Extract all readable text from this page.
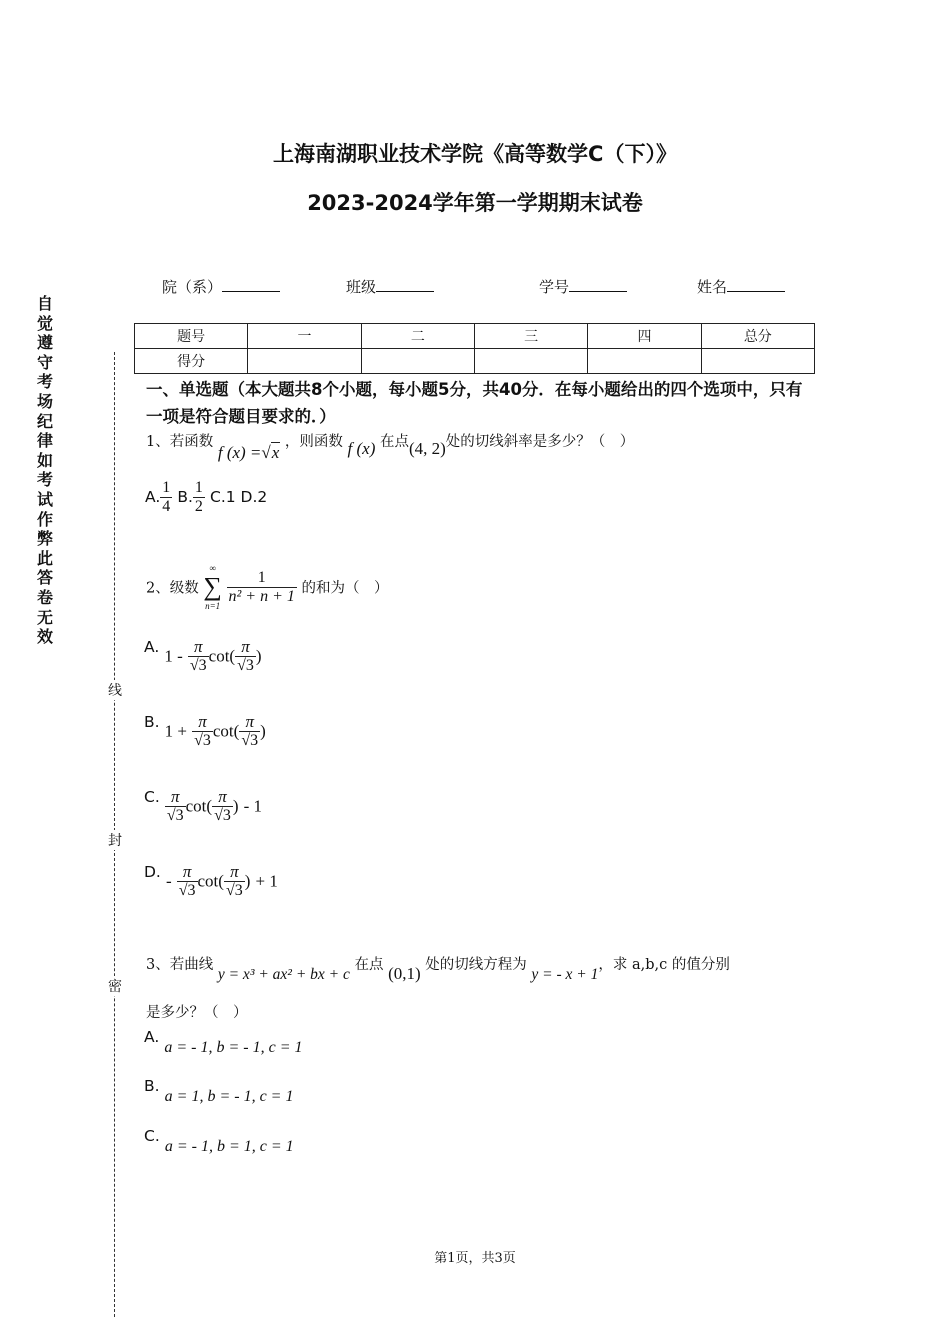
上海南湖职业技术学院《高等数学C（下）》
2023-2024学年第一学期期末试卷
自觉遵守考场纪律如考试作弊此答卷无效
线
封
密
院（系）	班级	学号	姓名
题号	一	二	三	四	总分
得分					
一、单选题（本大题共8个小题，每小题5分，共40分．在每小题给出的四个选项中，只有一项是符合题目要求的．）
1、若函数 f (x) =√x ，则函数 f (x) 在点(4, 2)处的切线斜率是多少？（　）
A. $\frac{1}{4} B$. $\frac{1}{2} C.1$ D.2
2、级数
∞
∑
n=1

$\frac{1}{\text{n² + n + 1}}$ 的和为（　）
A. $1 - \frac{\pi}{√3} \cot( \frac{\pi}{√3}$ )
B. $1 + \frac{\pi}{√3} \cot( \frac{\pi}{√3}$ )
C. $\frac{\pi}{√3} \cot( \frac{\pi}{√3}$ ) - 1
D. - $\frac{\pi}{√3} \cot( \frac{\pi}{√3}$ ) + 1
3、若曲线 y = x³ + ax² + bx + c 在点 (0,1) 处的切线方程为 y = - x + 1，求 a,b,c 的值分别
是多少？（　）
A. a = - 1, b = - 1, c = 1
B. a = 1, b = - 1, c = 1
C. a = - 1, b = 1, c = 1
第1页，共3页
